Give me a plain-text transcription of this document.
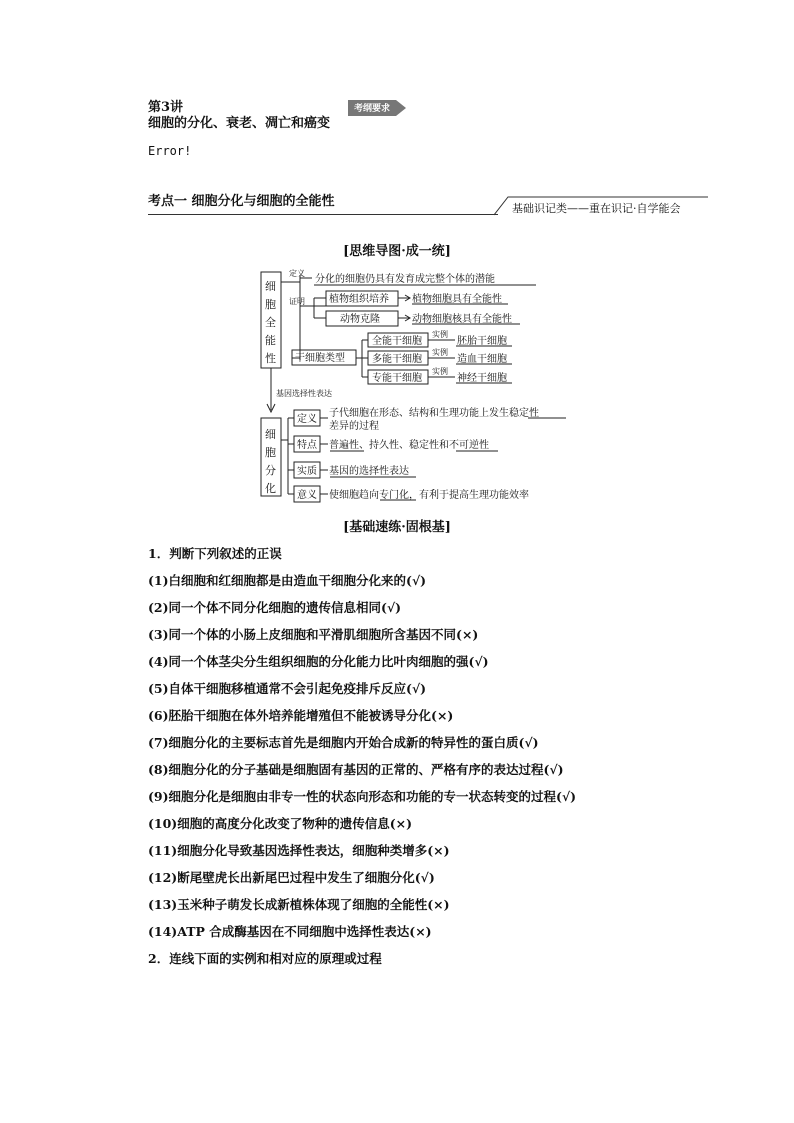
第3讲
细胞的分化、衰老、凋亡和癌变
考纲要求
Error!
考点一 细胞分化与细胞的全能性	基础识记类——重在识记·自学能会
[思维导图·成一统]
细
胞
全
能
性
定义
分化的细胞仍具有发育成完整个体的潜能
证明 植物组织培养
动物克隆
植物细胞具有全能性
动物细胞核具有全能性
干细胞类型
全能干细胞
多能干细胞
专能干细胞
实例
实例
实例
胚胎干细胞
造血干细胞
神经干细胞
基因选择性表达
细
胞
分
化
定义
特点
实质
意义
子代细胞在形态、结构和生理功能上发生稳定性
差异的过程
普遍性、持久性、稳定性和不可逆性
基因的选择性表达
使细胞趋向专门化，有利于提高生理功能效率
[基础速练·固根基]
1．判断下列叙述的正误
(1)白细胞和红细胞都是由造血干细胞分化来的(√)
(2)同一个体不同分化细胞的遗传信息相同(√)
(3)同一个体的小肠上皮细胞和平滑肌细胞所含基因不同(×)
(4)同一个体茎尖分生组织细胞的分化能力比叶肉细胞的强(√)
(5)自体干细胞移植通常不会引起免疫排斥反应(√)
(6)胚胎干细胞在体外培养能增殖但不能被诱导分化(×)
(7)细胞分化的主要标志首先是细胞内开始合成新的特异性的蛋白质(√)
(8)细胞分化的分子基础是细胞固有基因的正常的、严格有序的表达过程(√)
(9)细胞分化是细胞由非专一性的状态向形态和功能的专一状态转变的过程(√)
(10)细胞的高度分化改变了物种的遗传信息(×)
(11)细胞分化导致基因选择性表达，细胞种类增多(×)
(12)断尾壁虎长出新尾巴过程中发生了细胞分化(√)
(13)玉米种子萌发长成新植株体现了细胞的全能性(×)
(14)ATP 合成酶基因在不同细胞中选择性表达(×)
2．连线下面的实例和相对应的原理或过程
